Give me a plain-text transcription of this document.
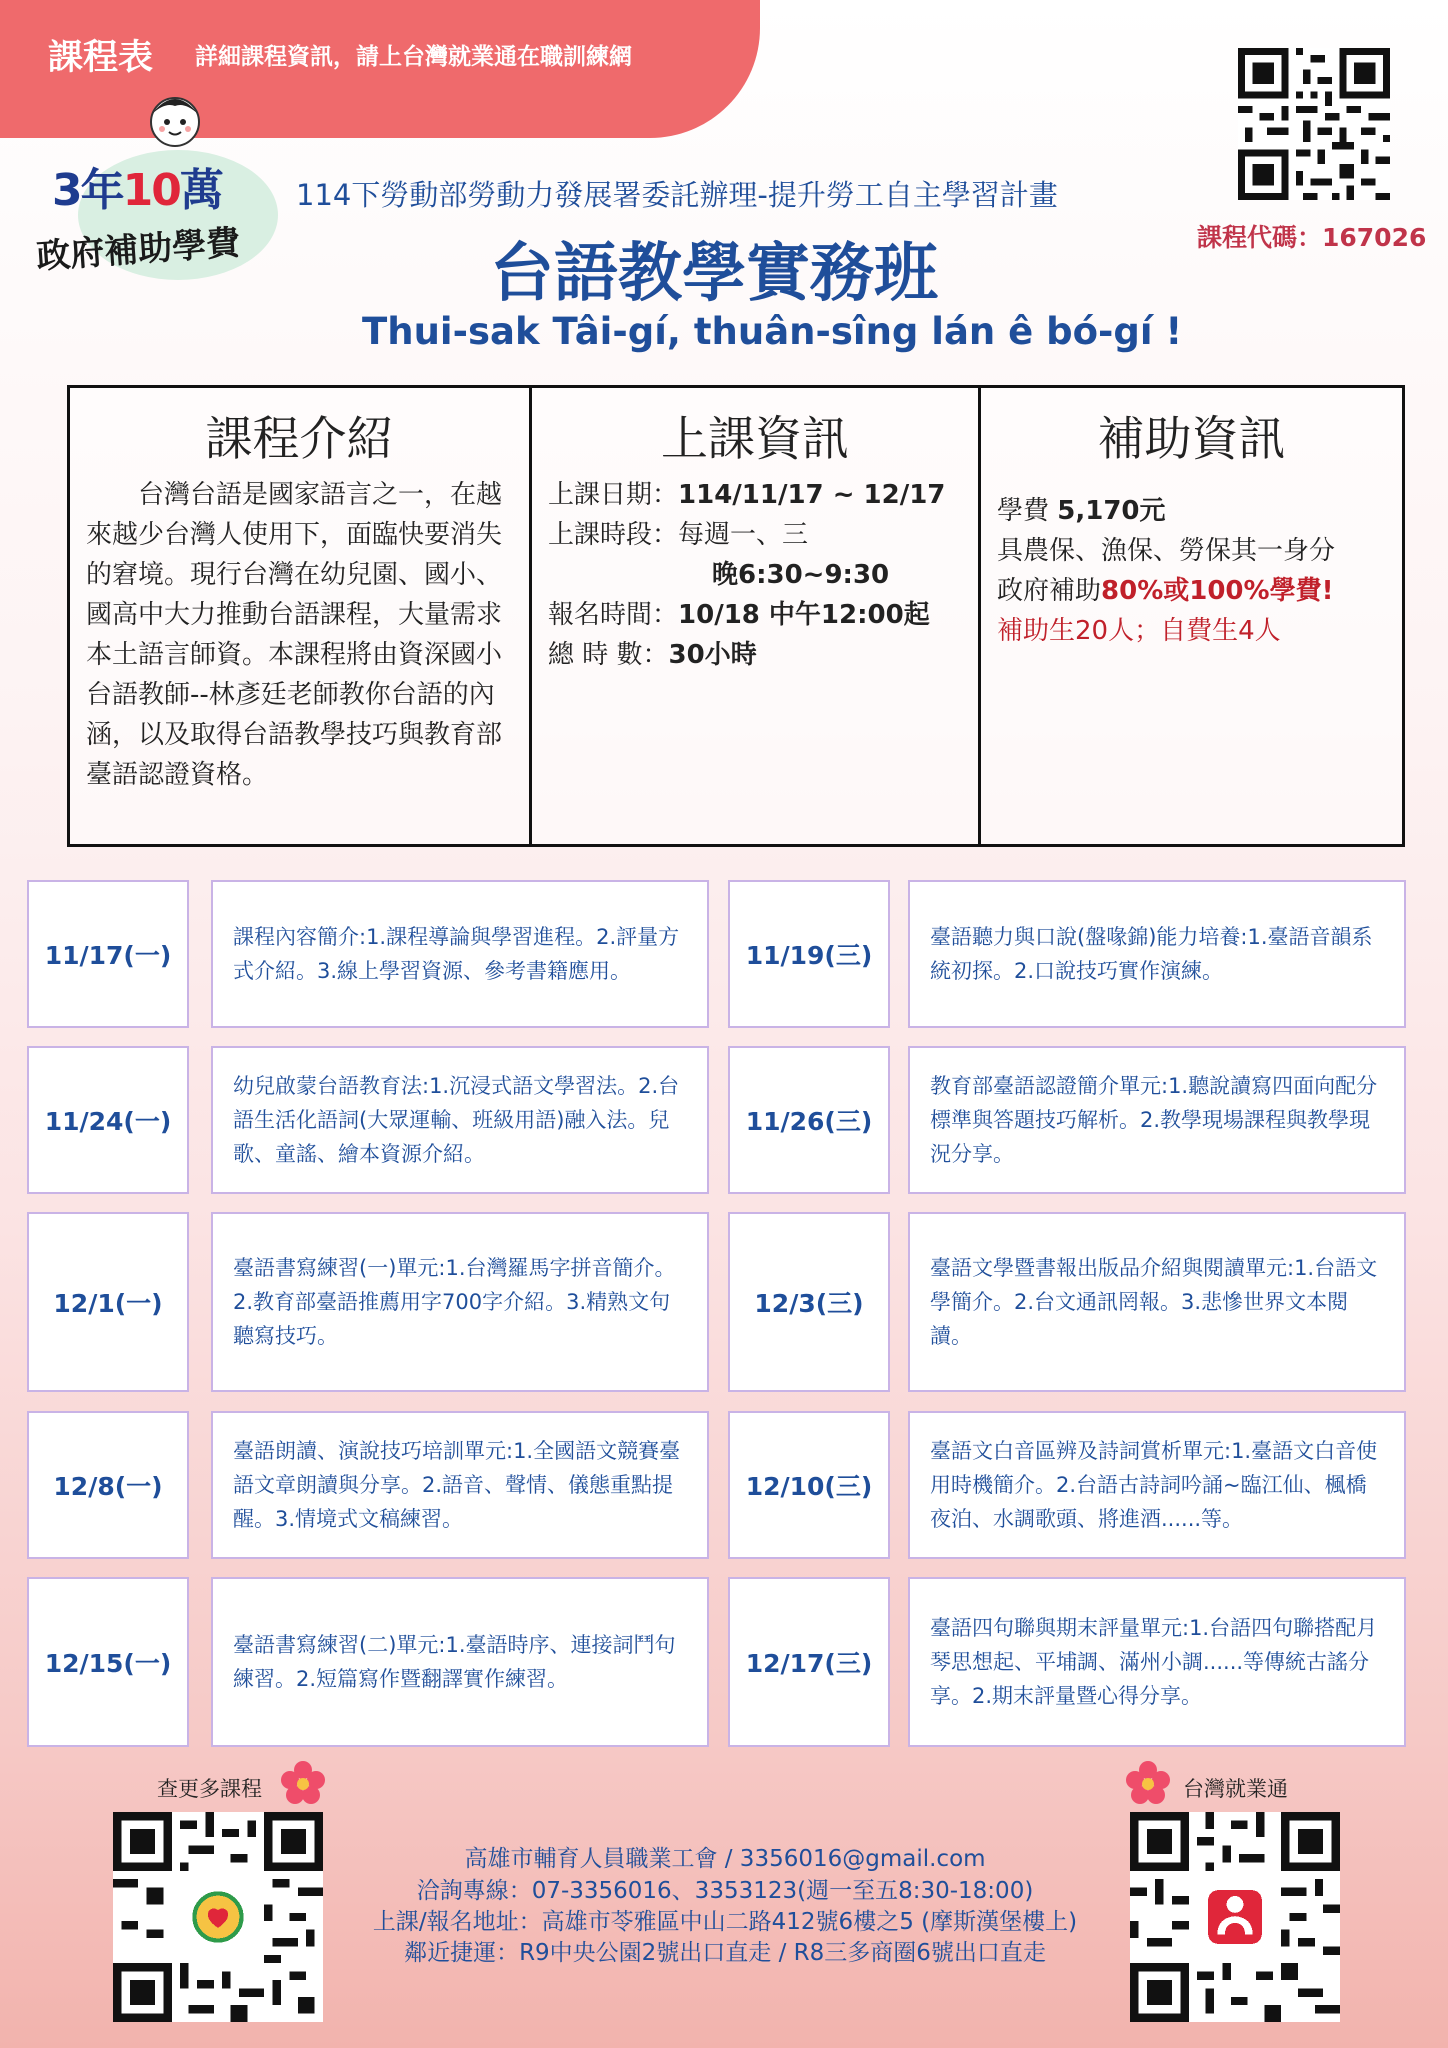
課程表 詳細課程資訊，請上台灣就業通在職訓練網
3年10萬
政府補助學費
114下勞動部勞動力發展署委託辦理-提升勞工自主學習計畫
台語教學實務班
Thui-sak Tâi-gí, thuân-sîng lán ê bó-gí !
課程代碼：167026
課程介紹

台灣台語是國家語言之一，在越來越少台灣人使用下，面臨快要消失的窘境。現行台灣在幼兒園、國小、國高中大力推動台語課程，大量需求本土語言師資。本課程將由資深國小台語教師--林彥廷老師教你台語的內涵，以及取得台語教學技巧與教育部臺語認證資格。

上課資訊
上課日期：114/11/17 ~ 12/17
上課時段：每週一、三
晚6:30~9:30
報名時間：10/18 中午12:00起
總 時 數：30小時
補助資訊
學費 5,170元
具農保、漁保、勞保其一身分
政府補助80%或100%學費!
補助生20人；自費生4人
11/17(一)
課程內容簡介:1.課程導論與學習進程。2.評量方式介紹。3.線上學習資源、參考書籍應用。
11/19(三)
臺語聽力與口說(盤喙錦)能力培養:1.臺語音韻系統初探。2.口說技巧實作演練。
11/24(一)
幼兒啟蒙台語教育法:1.沉浸式語文學習法。2.台語生活化語詞(大眾運輸、班級用語)融入法。兒歌、童謠、繪本資源介紹。
11/26(三)
教育部臺語認證簡介單元:1.聽說讀寫四面向配分標準與答題技巧解析。2.教學現場課程與教學現況分享。
12/1(一)
臺語書寫練習(一)單元:1.台灣羅馬字拼音簡介。2.教育部臺語推薦用字700字介紹。3.精熟文句聽寫技巧。
12/3(三)
臺語文學暨書報出版品介紹與閱讀單元:1.台語文學簡介。2.台文通訊罔報。3.悲慘世界文本閱讀。
12/8(一)
臺語朗讀、演說技巧培訓單元:1.全國語文競賽臺語文章朗讀與分享。2.語音、聲情、儀態重點提醒。3.情境式文稿練習。
12/10(三)
臺語文白音區辨及詩詞賞析單元:1.臺語文白音使用時機簡介。2.台語古詩詞吟誦~臨江仙、楓橋夜泊、水調歌頭、將進酒......等。
12/15(一)
臺語書寫練習(二)單元:1.臺語時序、連接詞鬥句練習。2.短篇寫作暨翻譯實作練習。
12/17(三)
臺語四句聯與期末評量單元:1.台語四句聯搭配月琴思想起、平埔調、滿州小調......等傳統古謠分享。2.期末評量暨心得分享。
查更多課程	台灣就業通
高雄市輔育人員職業工會 / 3356016@gmail.com
洽詢專線：07-3356016、3353123(週一至五8:30-18:00)
上課/報名地址：高雄市苓雅區中山二路412號6樓之5 (摩斯漢堡樓上)
鄰近捷運：R9中央公園2號出口直走 / R8三多商圈6號出口直走
